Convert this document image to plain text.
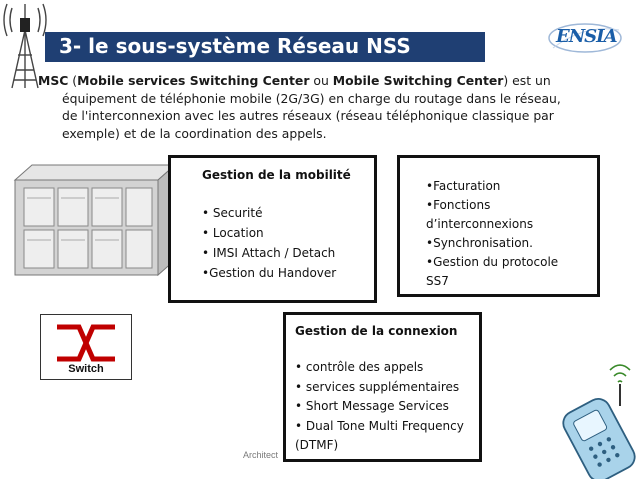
3- le sous-système Réseau NSS	ENSIA
MSC (Mobile services Switching Center ou Mobile Switching Center) est un
équipement de téléphonie mobile (2G/3G) en charge du routage dans le réseau,
de l'interconnexion avec les autres réseaux (réseau téléphonique classique par
exemple) et de la coordination des appels.
Gestion de la mobilité
• Securité
• Location
• IMSI Attach / Detach
•Gestion du Handover
•Facturation
•Fonctions
d’interconnexions
•Synchronisation.
•Gestion du protocole
SS7
Switch
Gestion de la connexion
• contrôle des appels
• services supplémentaires
• Short Message Services
• Dual Tone Multi Frequency
(DTMF)
Architect
